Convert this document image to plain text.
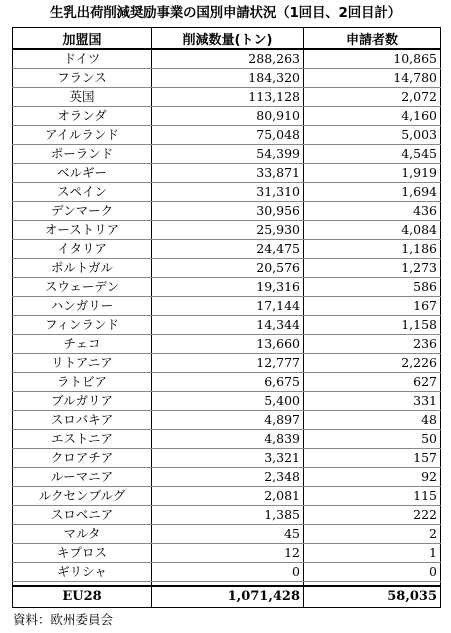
生乳出荷削減奨励事業の国別申請状況（1回目、2回目計）
加盟国	削減数量(トン)	申請者数
ドイツ	288,263	10,865
フランス	184,320	14,780
英国	113,128	2,072
オランダ	80,910	4,160
アイルランド	75,048	5,003
ポーランド	54,399	4,545
ベルギー	33,871	1,919
スペイン	31,310	1,694
デンマーク	30,956	436
オーストリア	25,930	4,084
イタリア	24,475	1,186
ポルトガル	20,576	1,273
スウェーデン	19,316	586
ハンガリー	17,144	167
フィンランド	14,344	1,158
チェコ	13,660	236
リトアニア	12,777	2,226
ラトビア	6,675	627
ブルガリア	5,400	331
スロバキア	4,897	48
エストニア	4,839	50
クロアチア	3,321	157
ルーマニア	2,348	92
ルクセンブルグ	2,081	115
スロベニア	1,385	222
マルタ	45	2
キプロス	12	1
ギリシャ	0	0

EU28	1,071,428	58,035
資料：欧州委員会
